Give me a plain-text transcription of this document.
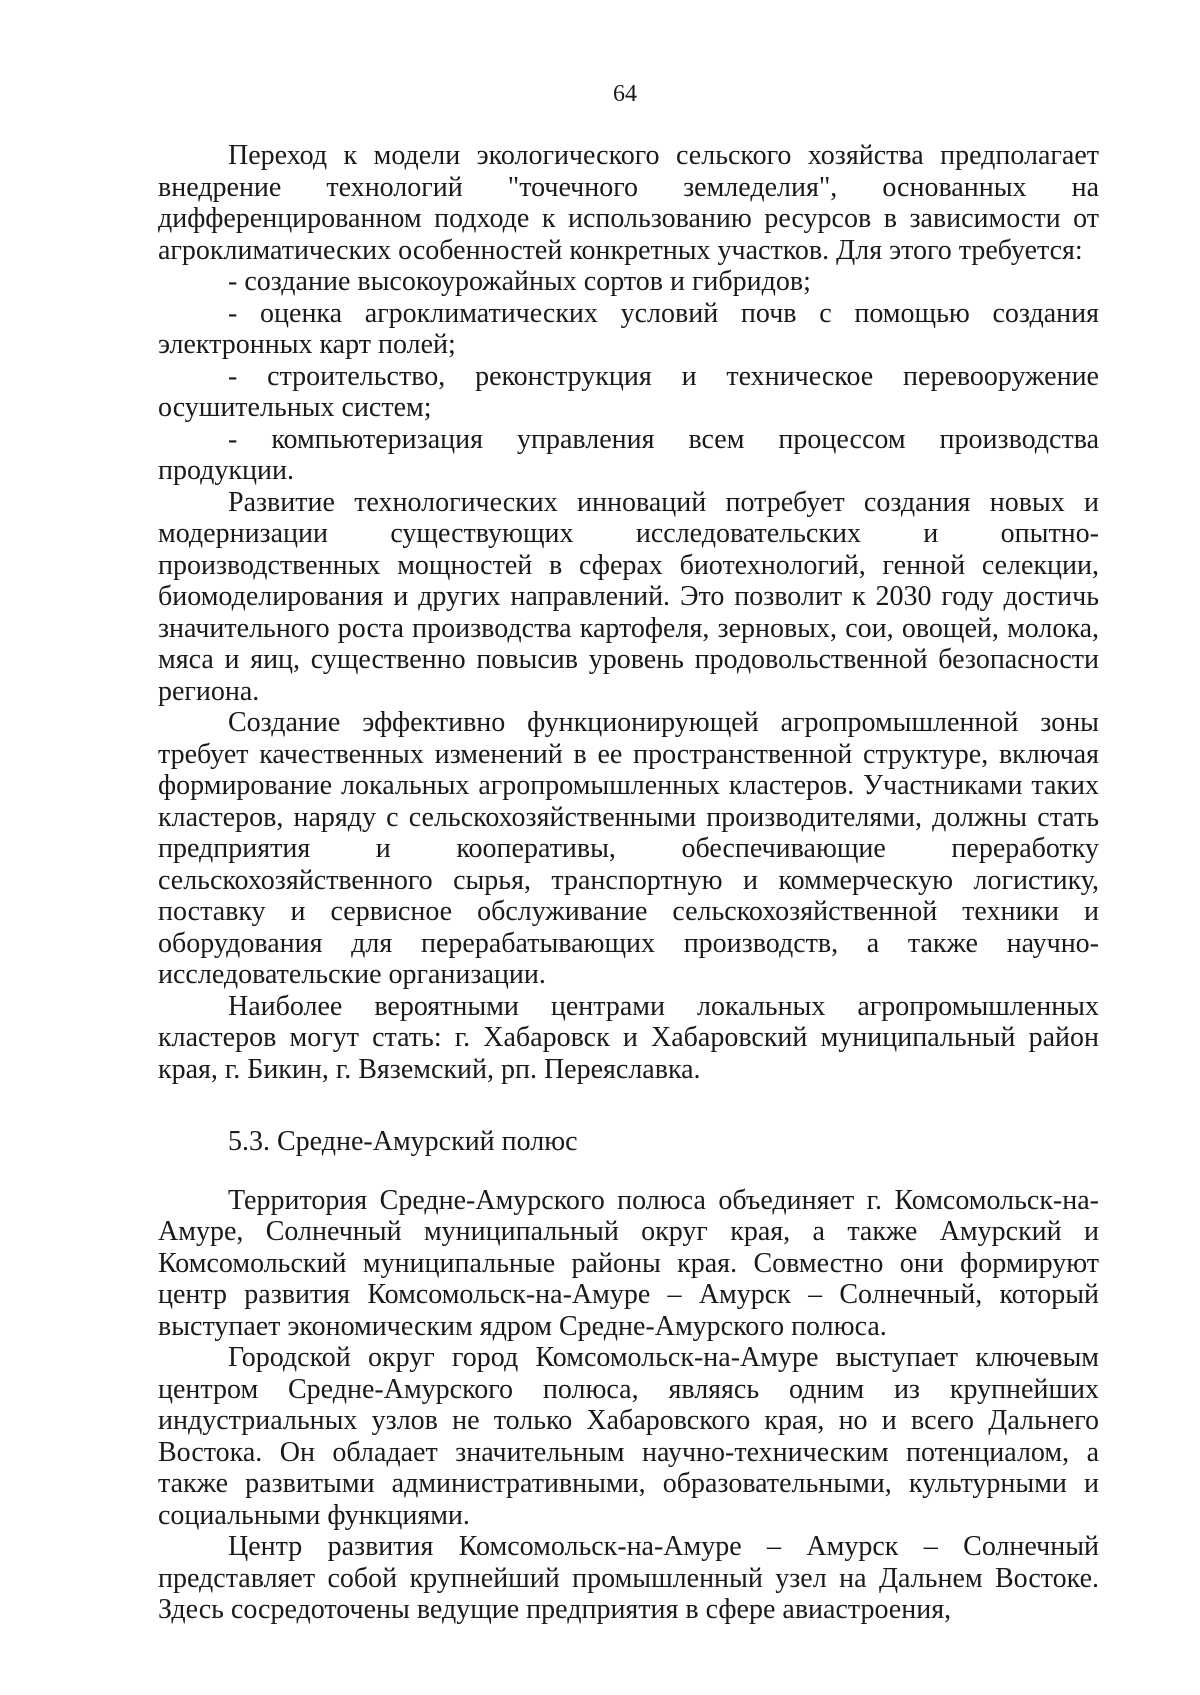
64

Переход к модели экологического сельского хозяйства предполагает внедрение технологий "точечного земледелия", основанных на дифференцированном подходе к использованию ресурсов в зависимости от агроклиматических особенностей конкретных участков. Для этого требуется:

- создание высокоурожайных сортов и гибридов;

- оценка агроклиматических условий почв с помощью создания электронных карт полей;

- строительство, реконструкция и техническое перевооружение осушительных систем;

- компьютеризация управления всем процессом производства продукции.

Развитие технологических инноваций потребует создания новых и модернизации существующих исследовательских и опытно-производственных мощностей в сферах биотехнологий, генной селекции, биомоделирования и других направлений. Это позволит к 2030 году достичь значительного роста производства картофеля, зерновых, сои, овощей, молока, мяса и яиц, существенно повысив уровень продовольственной безопасности региона.

Создание эффективно функционирующей агропромышленной зоны требует качественных изменений в ее пространственной структуре, включая формирование локальных агропромышленных кластеров. Участниками таких кластеров, наряду с сельскохозяйственными производителями, должны стать предприятия и кооперативы, обеспечивающие переработку сельскохозяйственного сырья, транспортную и коммерческую логистику, поставку и сервисное обслуживание сельскохозяйственной техники и оборудования для перерабатывающих производств, а также научно-исследовательские организации.

Наиболее вероятными центрами локальных агропромышленных кластеров могут стать: г. Хабаровск и Хабаровский муниципальный район края, г. Бикин, г. Вяземский, рп. Переяславка.

5.3. Средне-Амурский полюс

Территория Средне-Амурского полюса объединяет г. Комсомольск-на-Амуре, Солнечный муниципальный округ края, а также Амурский и Комсомольский муниципальные районы края. Совместно они формируют центр развития Комсомольск-на-Амуре – Амурск – Солнечный, который выступает экономическим ядром Средне-Амурского полюса.

Городской округ город Комсомольск-на-Амуре выступает ключевым центром Средне-Амурского полюса, являясь одним из крупнейших индустриальных узлов не только Хабаровского края, но и всего Дальнего Востока. Он обладает значительным научно-техническим потенциалом, а также развитыми административными, образовательными, культурными и социальными функциями.

Центр развития Комсомольск-на-Амуре – Амурск – Солнечный представляет собой крупнейший промышленный узел на Дальнем Востоке. Здесь сосредоточены ведущие предприятия в сфере авиастроения,
